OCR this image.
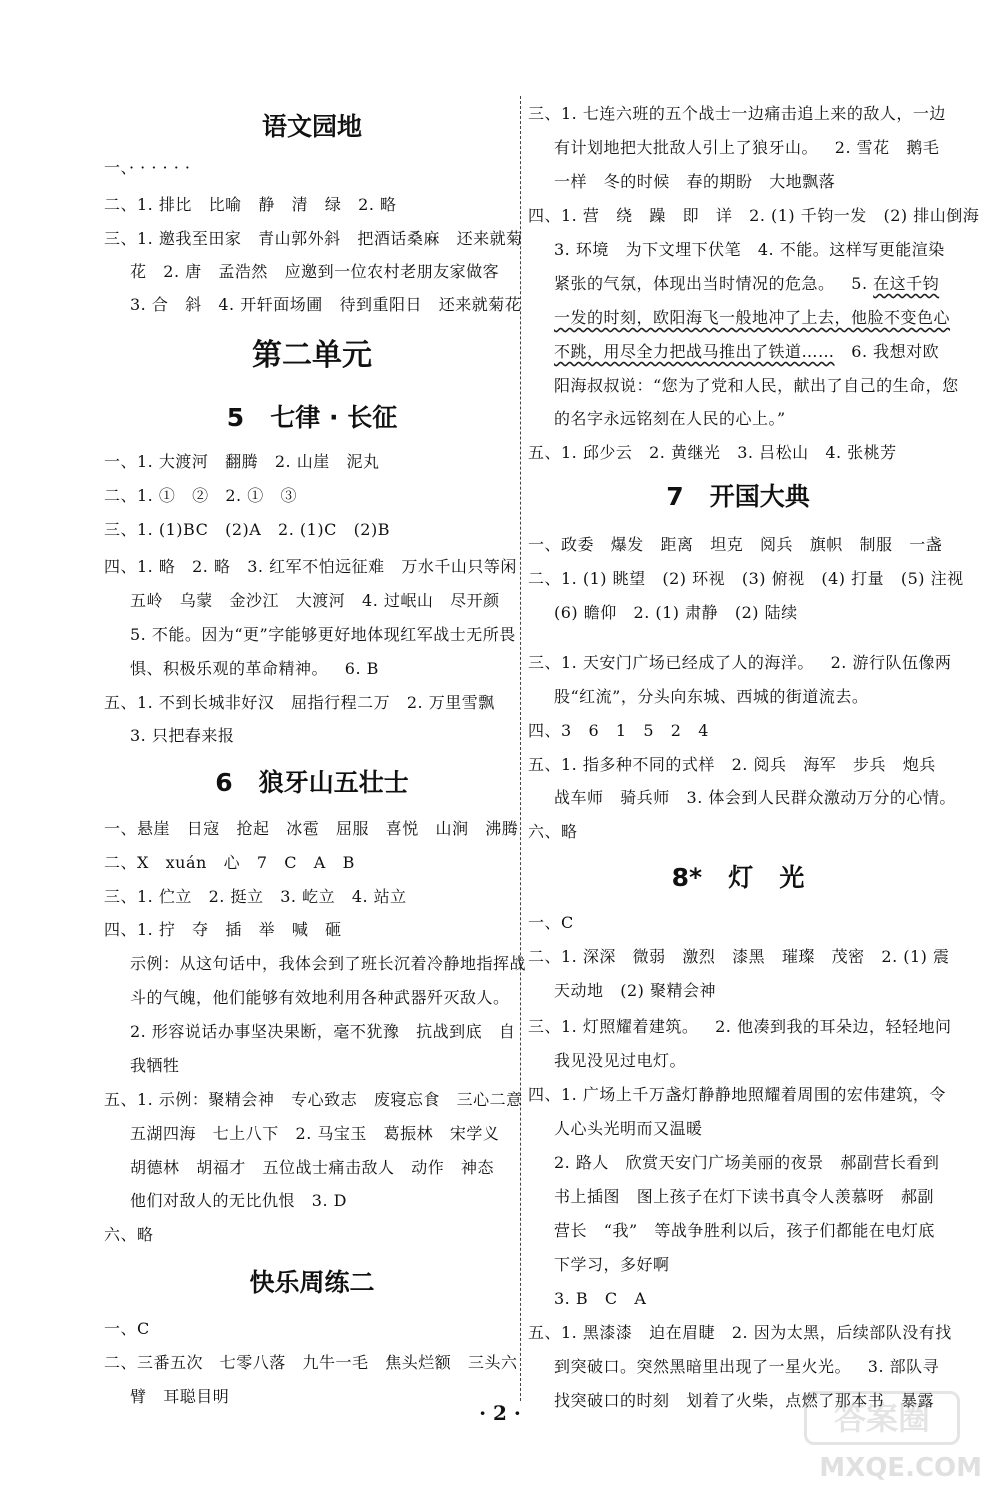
语文园地
一、· · · · · ·
二、1. 排比   比喻   静   清   绿   2. 略
三、1. 邀我至田家   青山郭外斜   把酒话桑麻   还来就菊
花   2. 唐   孟浩然   应邀到一位农村老朋友家做客
3. 合   斜   4. 开轩面场圃   待到重阳日   还来就菊花
第二单元
5   七律 · 长征
一、1. 大渡河   翻腾   2. 山崖   泥丸
二、1. ①   ②   2. ①   ③
三、1. (1)BC   (2)A   2. (1)C   (2)B
四、1. 略   2. 略   3. 红军不怕远征难   万水千山只等闲
五岭   乌蒙   金沙江   大渡河   4. 过岷山   尽开颜
5. 不能。因为“更”字能够更好地体现红军战士无所畏
惧、积极乐观的革命精神。   6. B
五、1. 不到长城非好汉   屈指行程二万   2. 万里雪飘
3. 只把春来报
6   狼牙山五壮士
一、悬崖   日寇   抢起   冰雹   屈服   喜悦   山涧   沸腾
二、X   xuán   心   7   C   A   B
三、1. 伫立   2. 挺立   3. 屹立   4. 站立
四、1. 拧   夺   插   举   喊   砸
示例：从这句话中，我体会到了班长沉着冷静地指挥战
斗的气魄，他们能够有效地利用各种武器歼灭敌人。
2. 形容说话办事坚决果断，毫不犹豫   抗战到底   自
我牺牲
五、1. 示例：聚精会神   专心致志   废寝忘食   三心二意
五湖四海   七上八下   2. 马宝玉   葛振林   宋学义
胡德林   胡福才   五位战士痛击敌人   动作   神态
他们对敌人的无比仇恨   3. D
六、略
快乐周练二
一、C
二、三番五次   七零八落   九牛一毛   焦头烂额   三头六
臂   耳聪目明
三、1. 七连六班的五个战士一边痛击追上来的敌人，一边
有计划地把大批敌人引上了狼牙山。   2. 雪花   鹅毛
一样   冬的时候   春的期盼   大地飘落
四、1. 营   绕   躁   即   详   2. (1) 千钧一发   (2) 排山倒海
3. 环境   为下文埋下伏笔   4. 不能。这样写更能渲染
紧张的气氛，体现出当时情况的危急。   5. 在这千钧
一发的时刻，欧阳海飞一般地冲了上去，他脸不变色心
不跳，用尽全力把战马推出了铁道……   6. 我想对欧
阳海叔叔说：“您为了党和人民，献出了自己的生命，您
的名字永远铭刻在人民的心上。”
五、1. 邱少云   2. 黄继光   3. 吕松山   4. 张桃芳
7   开国大典
一、政委   爆发   距离   坦克   阅兵   旗帜   制服   一盏
二、1. (1) 眺望   (2) 环视   (3) 俯视   (4) 打量   (5) 注视
(6) 瞻仰   2. (1) 肃静   (2) 陆续
三、1. 天安门广场已经成了人的海洋。   2. 游行队伍像两
股“红流”，分头向东城、西城的街道流去。
四、3   6   1   5   2   4
五、1. 指多种不同的式样   2. 阅兵   海军   步兵   炮兵
战车师   骑兵师   3. 体会到人民群众激动万分的心情。
六、略
8*   灯   光
一、C
二、1. 深深   微弱   激烈   漆黑   璀璨   茂密   2. (1) 震
天动地   (2) 聚精会神
三、1. 灯照耀着建筑。   2. 他凑到我的耳朵边，轻轻地问
我见没见过电灯。
四、1. 广场上千万盏灯静静地照耀着周围的宏伟建筑，令
人心头光明而又温暖
2. 路人   欣赏天安门广场美丽的夜景   郝副营长看到
书上插图   图上孩子在灯下读书真令人羡慕呀   郝副
营长   “我”   等战争胜利以后，孩子们都能在电灯底
下学习，多好啊
3. B   C   A
五、1. 黑漆漆   迫在眉睫   2. 因为太黑，后续部队没有找
到突破口。突然黑暗里出现了一星火光。   3. 部队寻
找突破口的时刻   划着了火柴，点燃了那本书   暴露
· 2 ·	答案圈
MXQE.COM
